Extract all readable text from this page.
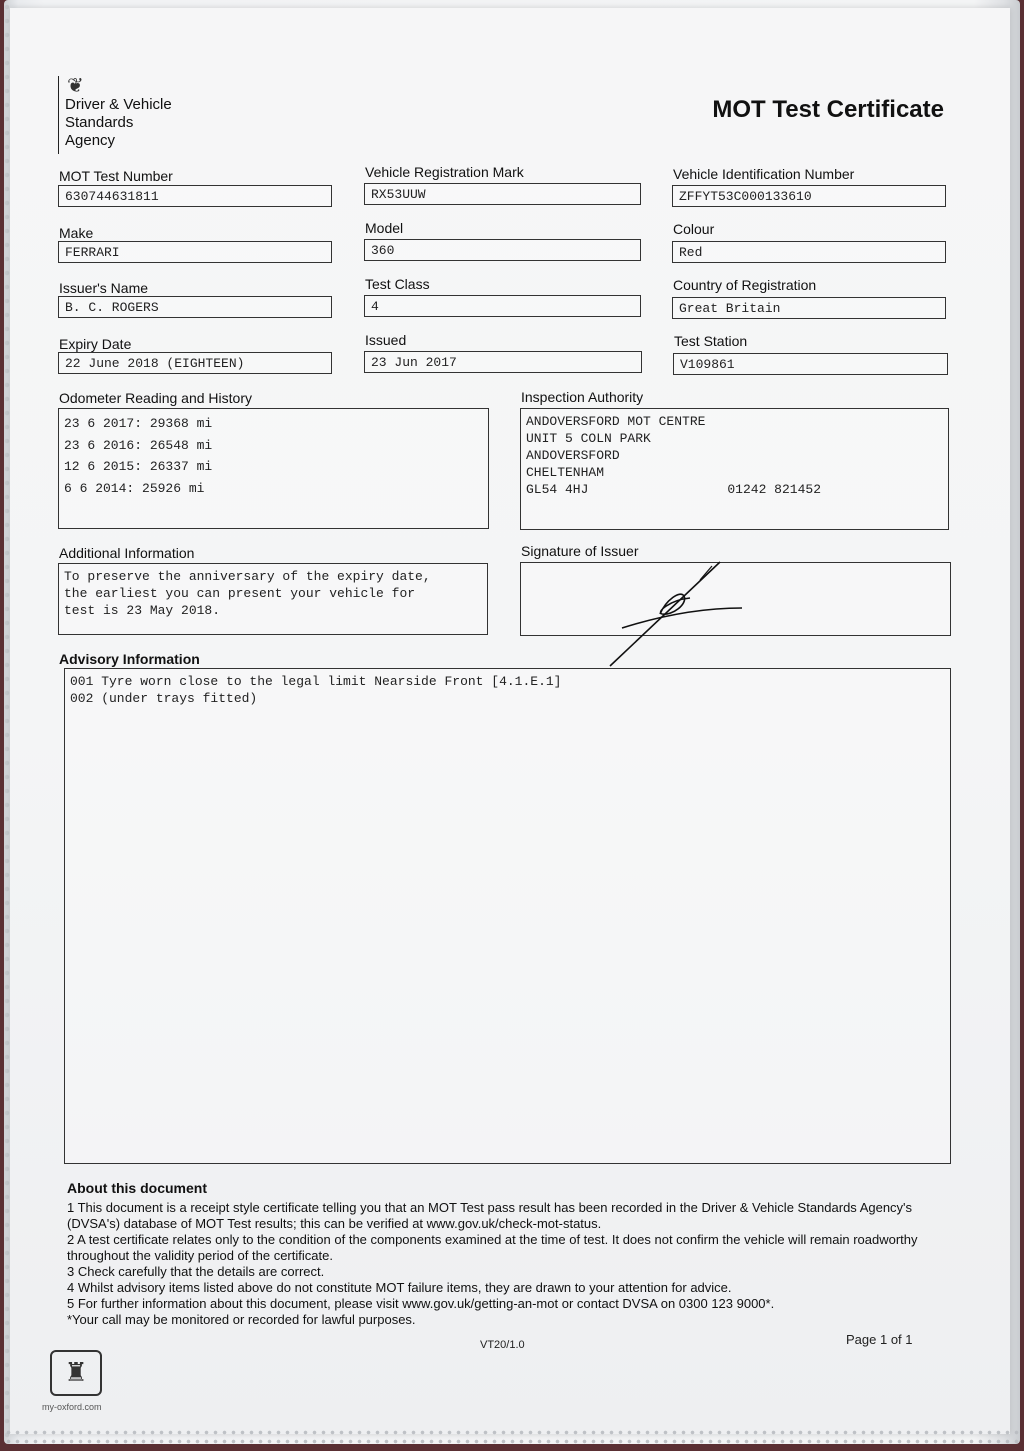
❦
Driver & Vehicle
Standards
Agency
MOT Test Certificate
MOT Test Number
630744631811
Vehicle Registration Mark
RX53UUW
Vehicle Identification Number
ZFFYT53C000133610
Make
FERRARI
Model
360
Colour
Red
Issuer's Name
B. C. ROGERS
Test Class
4
Country of Registration
Great Britain
Expiry Date
22 June 2018 (EIGHTEEN)
Issued
23 Jun 2017
Test Station
V109861
Odometer Reading and History
23 6 2017: 29368 mi
23 6 2016: 26548 mi
12 6 2015: 26337 mi
6 6 2014: 25926 mi
Inspection Authority
ANDOVERSFORD MOT CENTRE
UNIT 5 COLN PARK
ANDOVERSFORD
CHELTENHAM
GL54 4HJ	01242 821452
Additional Information
To preserve the anniversary of the expiry date,
the earliest you can present your vehicle for
test is 23 May 2018.
Signature of Issuer
Advisory Information
001 Tyre worn close to the legal limit Nearside Front [4.1.E.1]
002 (under trays fitted)
About this document

1 This document is a receipt style certificate telling you that an MOT Test pass result has been recorded in the Driver & Vehicle Standards Agency's (DVSA's) database of MOT Test results; this can be verified at www.gov.uk/check-mot-status.

2 A test certificate relates only to the condition of the components examined at the time of test. It does not confirm the vehicle will remain roadworthy throughout the validity period of the certificate.

3 Check carefully that the details are correct.

4 Whilst advisory items listed above do not constitute MOT failure items, they are drawn to your attention for advice.

5 For further information about this document, please visit www.gov.uk/getting-an-mot or contact DVSA on 0300 123 9000*.

*Your call may be monitored or recorded for lawful purposes.

VT20/1.0	Page 1 of 1
♜
my-oxford.com
